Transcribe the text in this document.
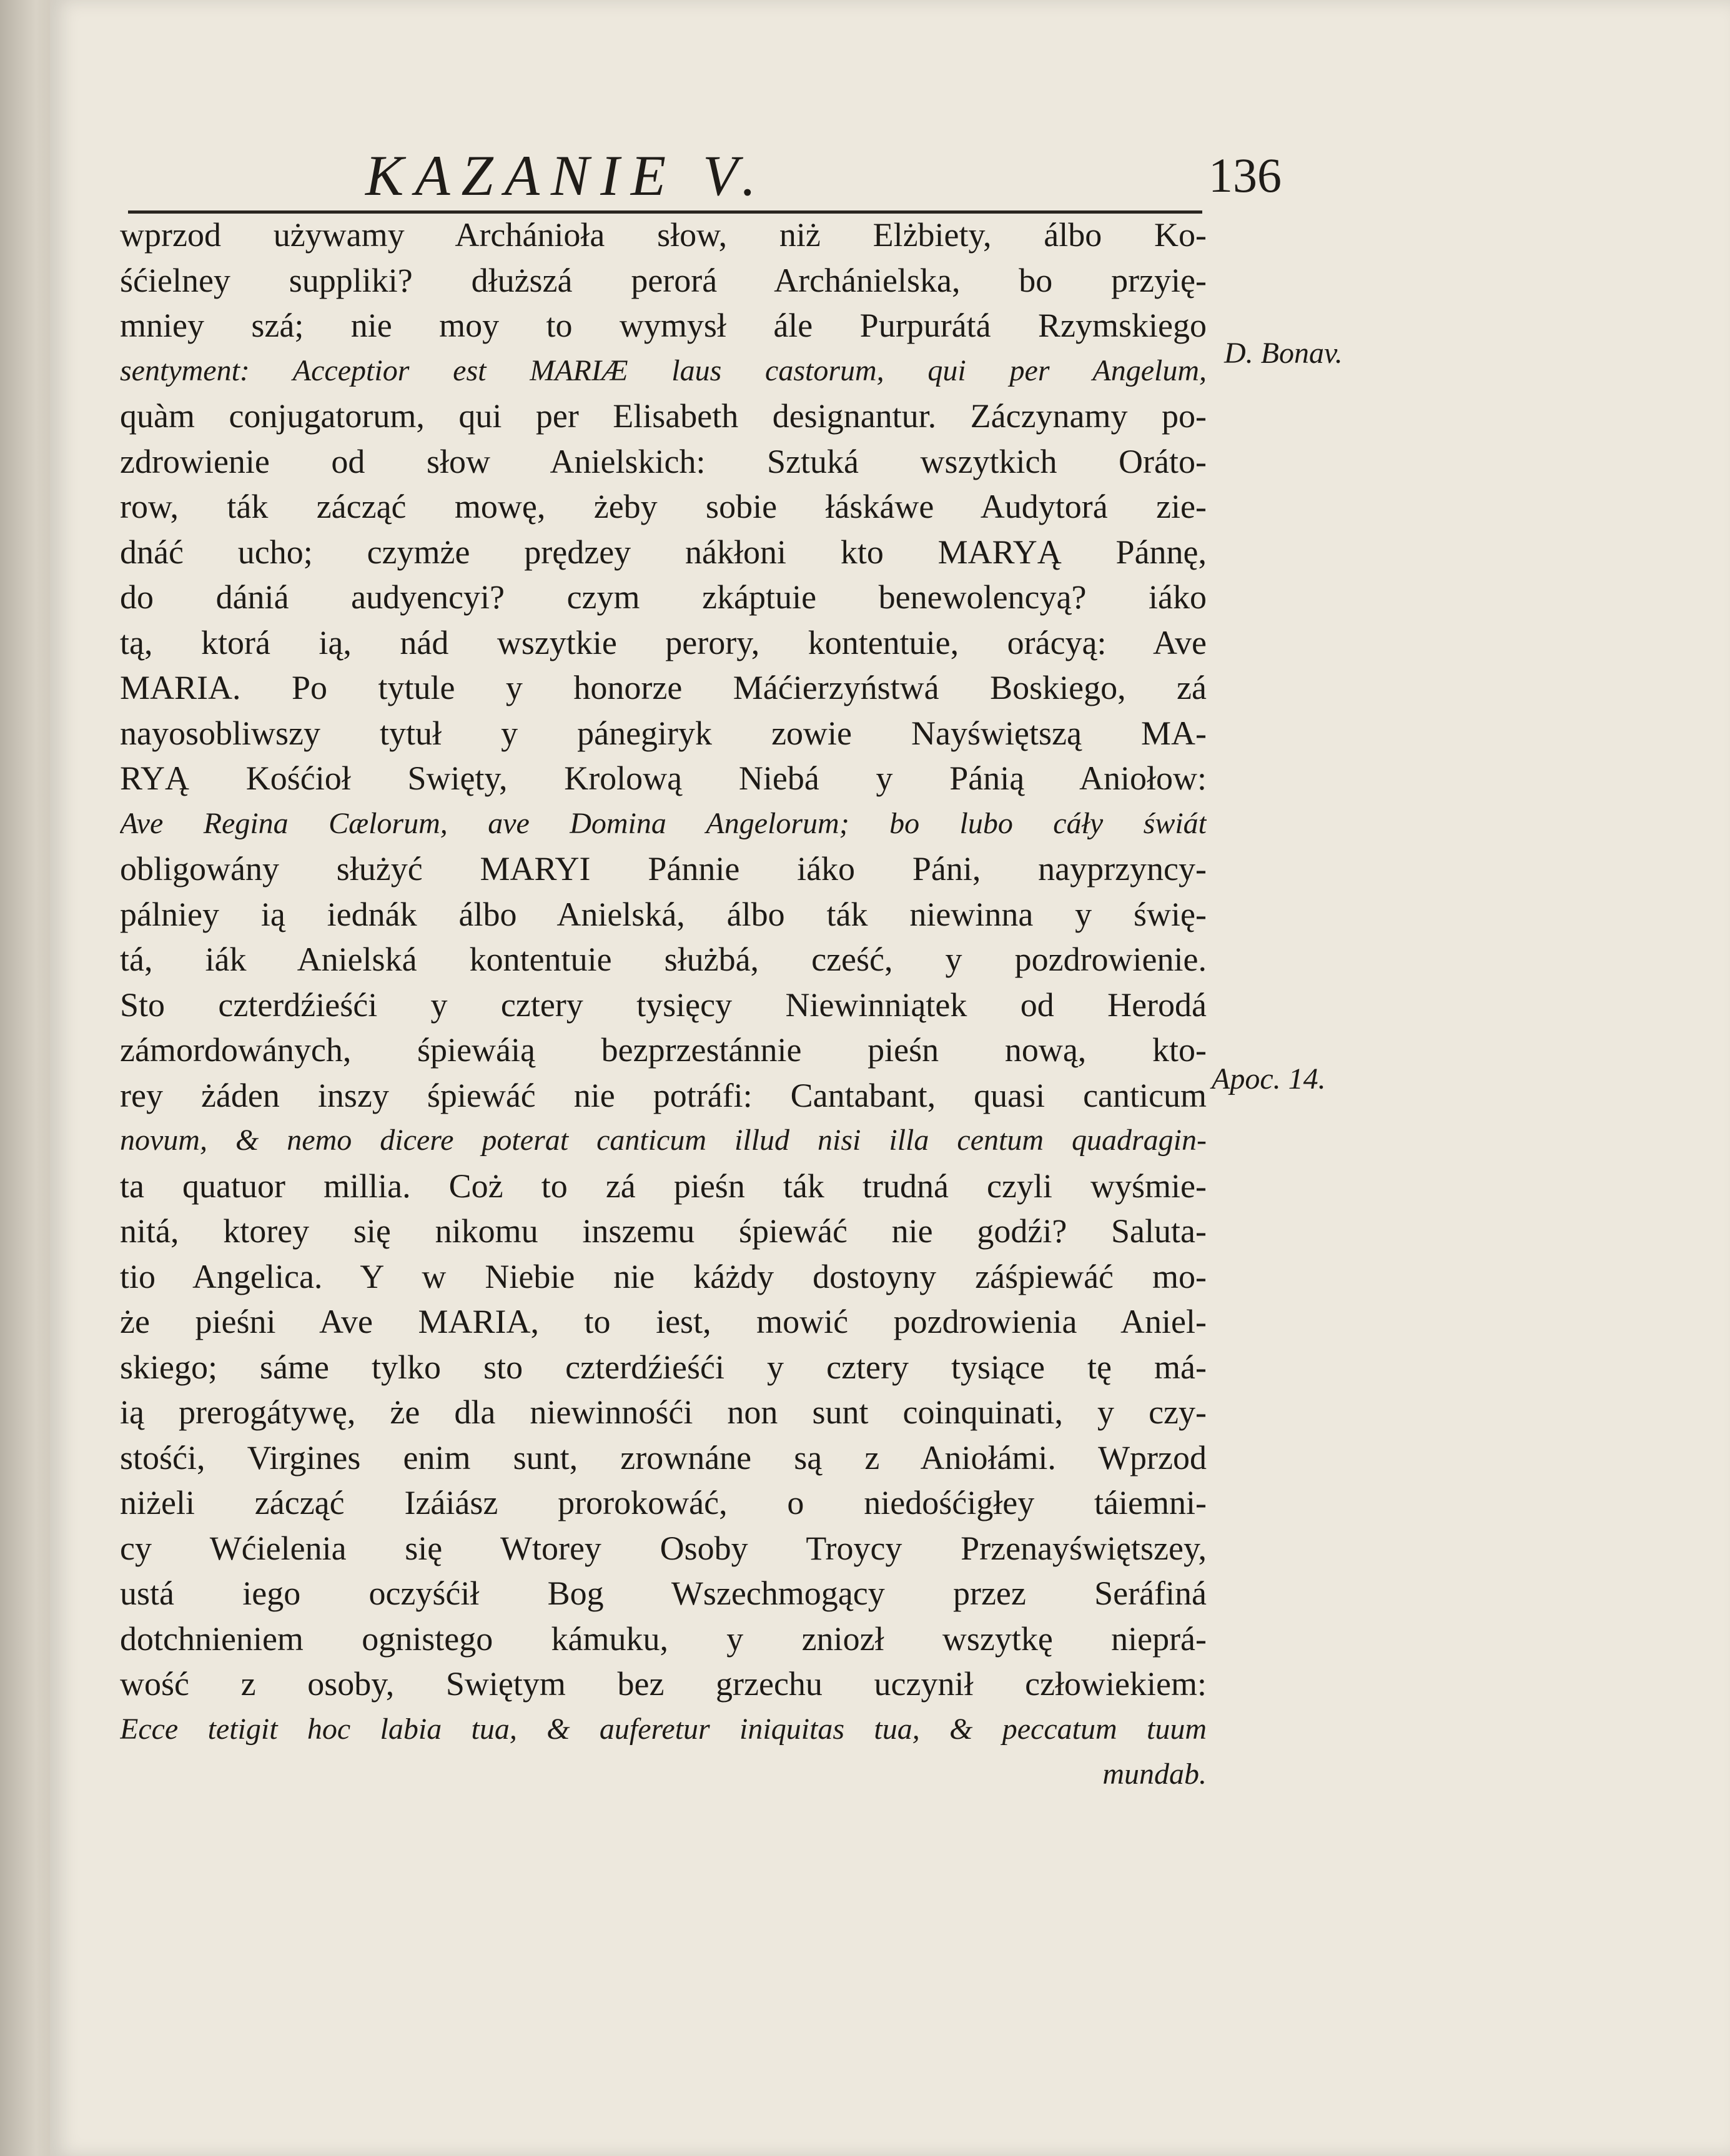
KAZANIE V.	136
wprzod używamy Archánioła słow, niż Elżbiety, álbo Ko-
śćielney suppliki? dłuższá perorá Archánielska, bo przyię-
mniey szá; nie moy to wymysł ále Purpurátá Rzymskiego
sentyment: Acceptior est MARIÆ laus castorum, qui per Angelum,
quàm conjugatorum, qui per Elisabeth designantur. Záczynamy po-
zdrowienie od słow Anielskich: Sztuká wszytkich Oráto-
row, ták zácząć mowę, żeby sobie łáskáwe Audytorá zie-
dnáć ucho; czymże prędzey nákłoni kto MARYĄ Pánnę,
do dániá audyencyi? czym zkáptuie benewolencyą? iáko
tą, ktorá ią, nád wszytkie perory, kontentuie, orácyą: Ave
MARIA. Po tytule y honorze Máćierzyństwá Boskiego, zá
nayosobliwszy tytuł y pánegiryk zowie Nayświętszą MA-
RYĄ Kośćioł Swięty, Krolową Niebá y Pánią Aniołow:
Ave Regina Cælorum, ave Domina Angelorum; bo lubo cáły świát
obligowány służyć MARYI Pánnie iáko Páni, nayprzyncy-
pálniey ią iednák álbo Anielská, álbo ták niewinna y świę-
tá, iák Anielská kontentuie służbá, cześć, y pozdrowienie.
Sto czterdźieśći y cztery tysięcy Niewinniątek od Herodá
zámordowánych, śpiewáią bezprzestánnie pieśn nową, kto-
rey żáden inszy śpiewáć nie potráfi: Cantabant, quasi canticum
novum, & nemo dicere poterat canticum illud nisi illa centum quadragin-
ta quatuor millia. Coż to zá pieśn ták trudná czyli wyśmie-
nitá, ktorey się nikomu inszemu śpiewáć nie godźi? Saluta-
tio Angelica. Y w Niebie nie káżdy dostoyny záśpiewáć mo-
że pieśni Ave MARIA, to iest, mowić pozdrowienia Aniel-
skiego; sáme tylko sto czterdźieśći y cztery tysiące tę má-
ią prerogátywę, że dla niewinnośći non sunt coinquinati, y czy-
stośći, Virgines enim sunt, zrownáne są z Aniołámi. Wprzod
niżeli zácząć Izáiász prorokowáć, o niedośćigłey táiemni-
cy Wćielenia się Wtorey Osoby Troycy Przenayświętszey,
ustá iego oczyśćił Bog Wszechmogący przez Seráfiná
dotchnieniem ognistego kámuku, y zniozł wszytkę nieprá-
wość z osoby, Swiętym bez grzechu uczynił człowiekiem:
Ecce tetigit hoc labia tua, & auferetur iniquitas tua, & peccatum tuum
mundab.
D. Bonav.
Apoc. 14.
